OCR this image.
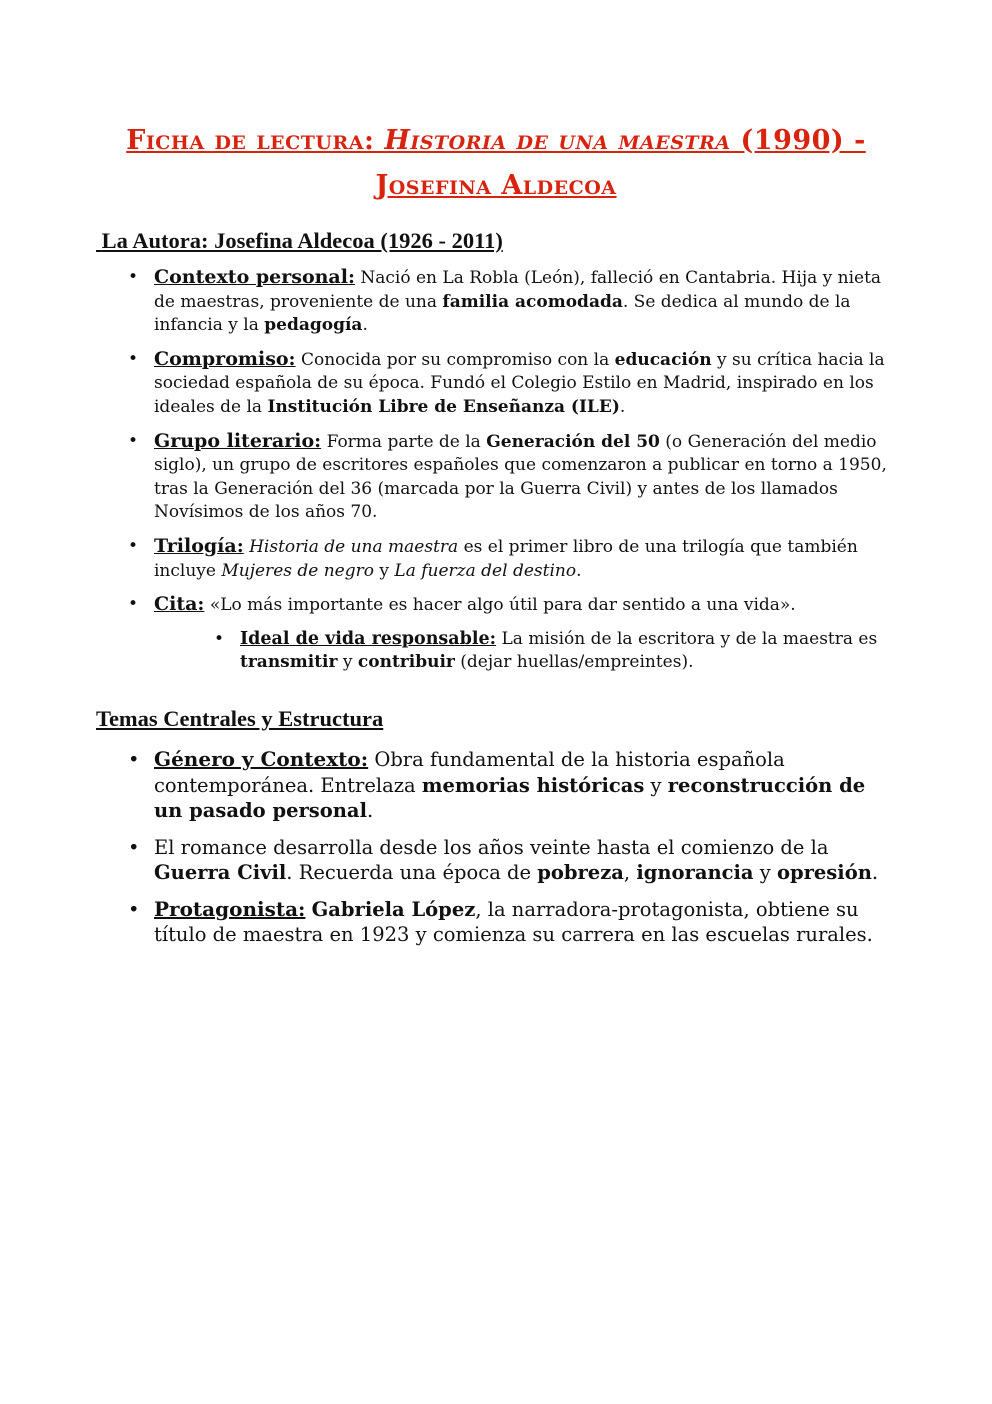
Ficha de lectura: Historia de una maestra (1990) -
Josefina Aldecoa
La Autora: Josefina Aldecoa (1926 - 2011)
• Contexto personal: Nació en La Robla (León), falleció en Cantabria. Hija y nieta de maestras, proveniente de una familia acomodada. Se dedica al mundo de la infancia y la pedagogía.
• Compromiso: Conocida por su compromiso con la educación y su crítica hacia la sociedad española de su época. Fundó el Colegio Estilo en Madrid, inspirado en los ideales de la Institución Libre de Enseñanza (ILE).
• Grupo literario: Forma parte de la Generación del 50 (o Generación del medio siglo), un grupo de escritores españoles que comenzaron a publicar en torno a 1950, tras la Generación del 36 (marcada por la Guerra Civil) y antes de los llamados Novísimos de los años 70.
• Trilogía: Historia de una maestra es el primer libro de una trilogía que también incluye Mujeres de negro y La fuerza del destino.
• Cita: «Lo más importante es hacer algo útil para dar sentido a una vida».
• Ideal de vida responsable: La misión de la escritora y de la maestra es transmitir y contribuir (dejar huellas/empreintes).
Temas Centrales y Estructura
• Género y Contexto: Obra fundamental de la historia española contemporánea. Entrelaza memorias históricas y reconstrucción de un pasado personal.
• El romance desarrolla desde los años veinte hasta el comienzo de la Guerra Civil. Recuerda una época de pobreza, ignorancia y opresión.
• Protagonista: Gabriela López, la narradora-protagonista, obtiene su título de maestra en 1923 y comienza su carrera en las escuelas rurales.
